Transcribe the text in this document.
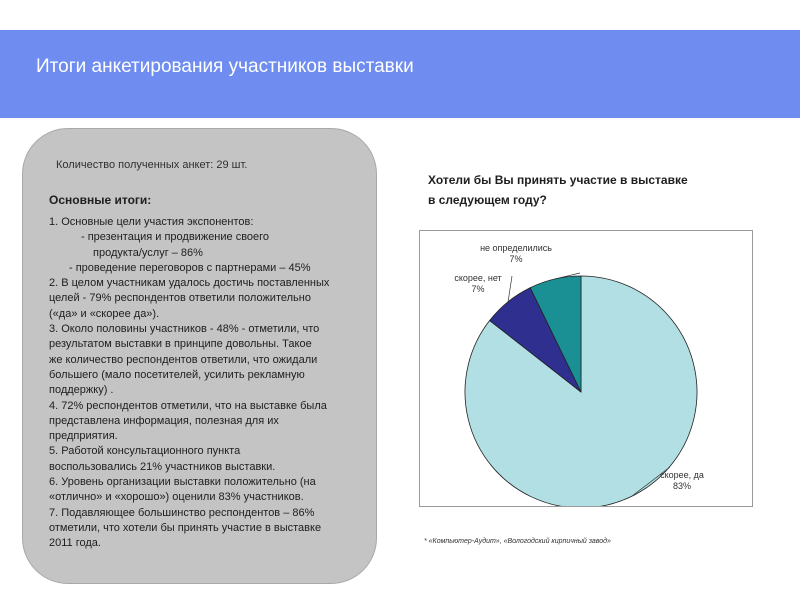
Итоги анкетирования участников выставки
Количество полученных анкет: 29 шт.
Основные итоги:
1. Основные цели участия экспонентов:
- презентация и продвижение своего
продукта/услуг – 86%
- проведение переговоров с партнерами – 45%
2. В целом участникам удалось достичь поставленных
целей - 79% респондентов ответили положительно
(«да» и «скорее да»).
3. Около половины участников - 48% - отметили, что
результатом выставки в принципе довольны. Такое
же количество респондентов ответили, что ожидали
большего (мало посетителей, усилить рекламную
поддержку) .
4. 72% респондентов отметили, что на выставке была
представлена информация, полезная для их
предприятия.
5. Работой консультационного пункта
воспользовались 21% участников выставки.
6. Уровень организации выставки положительно (на
«отлично» и «хорошо») оценили 83% участников.
7. Подавляющее большинство респондентов – 86%
отметили, что хотели бы принять участие в выставке
2011 года.
Хотели бы Вы принять участие в выставке
в следующем году?
скорее, да
83%
скорее, нет
7%
не определились
7%
* «Компьютер-Аудит», «Вологодский кирпичный завод»
